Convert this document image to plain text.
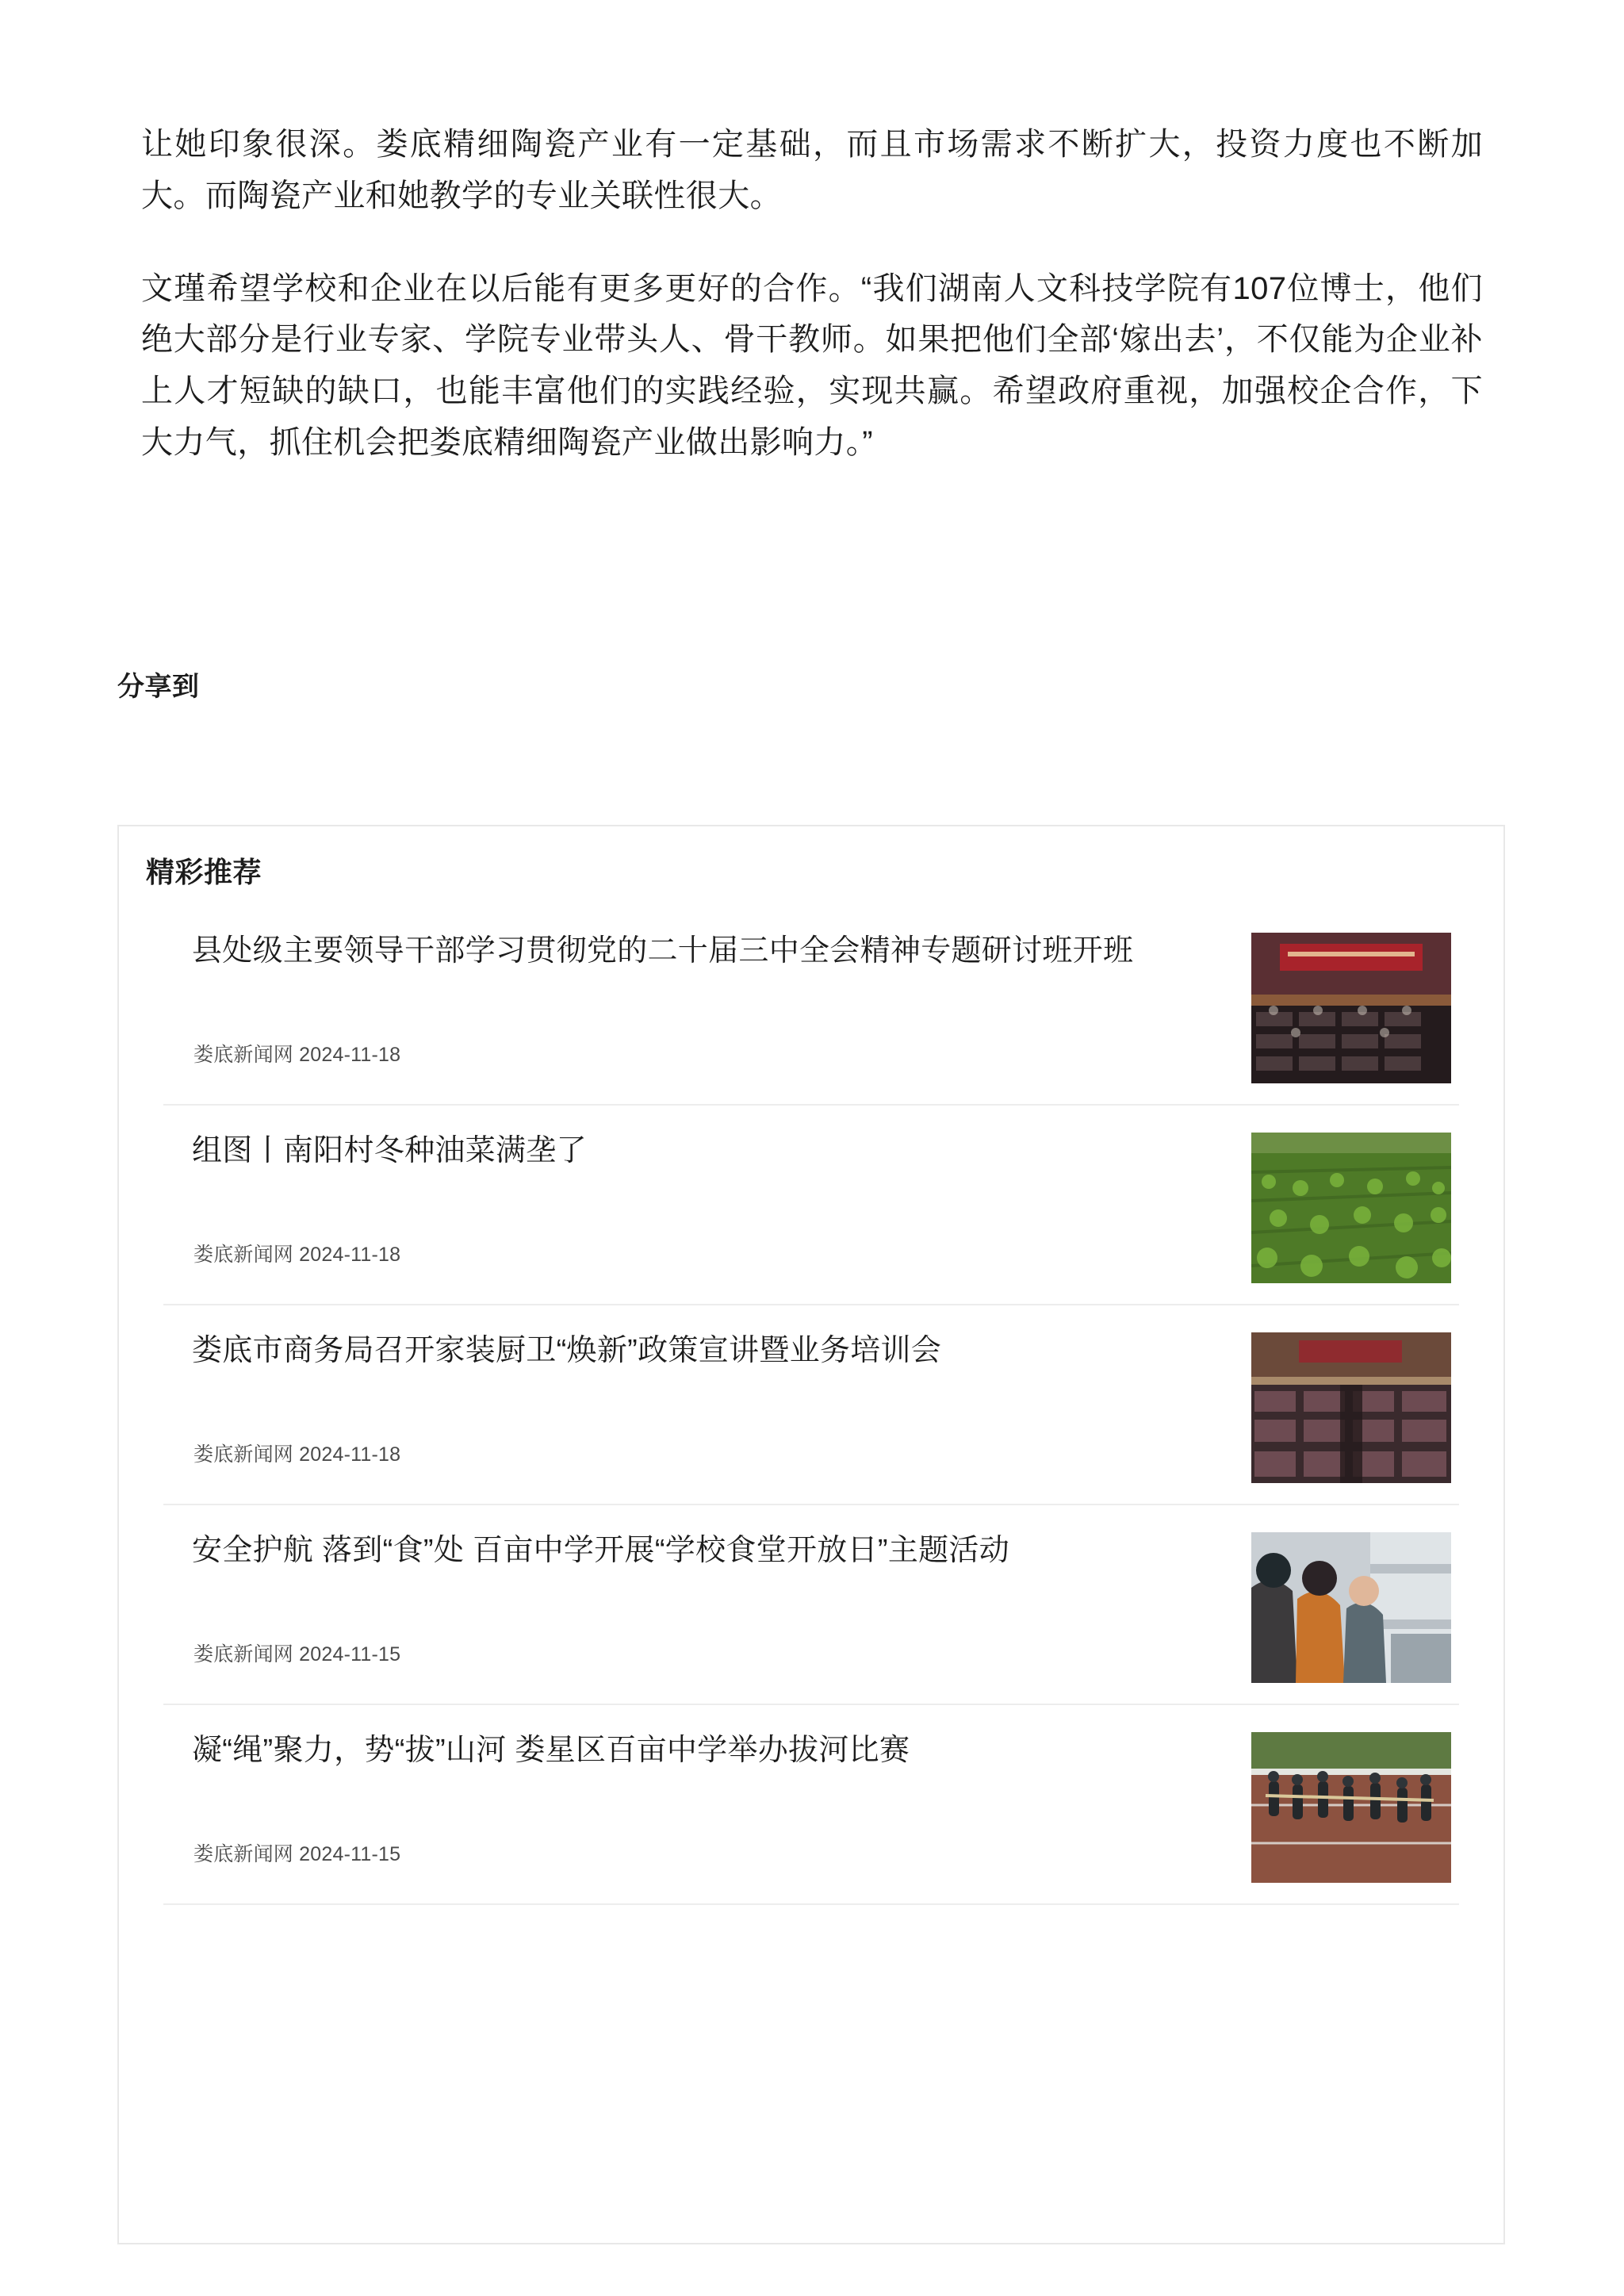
让她印象很深。娄底精细陶瓷产业有一定基础，而且市场需求不断扩大，投资力度也不断加大。而陶瓷产业和她教学的专业关联性很大。

文瑾希望学校和企业在以后能有更多更好的合作。“我们湖南人文科技学院有107位博士，他们绝大部分是行业专家、学院专业带头人、骨干教师。如果把他们全部‘嫁出去’，不仅能为企业补上人才短缺的缺口，也能丰富他们的实践经验，实现共赢。希望政府重视，加强校企合作，下大力气，抓住机会把娄底精细陶瓷产业做出影响力。”

分享到
精彩推荐
县处级主要领导干部学习贯彻党的二十届三中全会精神专题研讨班开班
娄底新闻网 2024-11-18
组图丨南阳村冬种油菜满垄了
娄底新闻网 2024-11-18
娄底市商务局召开家装厨卫“焕新”政策宣讲暨业务培训会
娄底新闻网 2024-11-18
安全护航 落到“食”处 百亩中学开展“学校食堂开放日”主题活动
娄底新闻网 2024-11-15
凝“绳”聚力，势“拔”山河 娄星区百亩中学举办拔河比赛
娄底新闻网 2024-11-15
